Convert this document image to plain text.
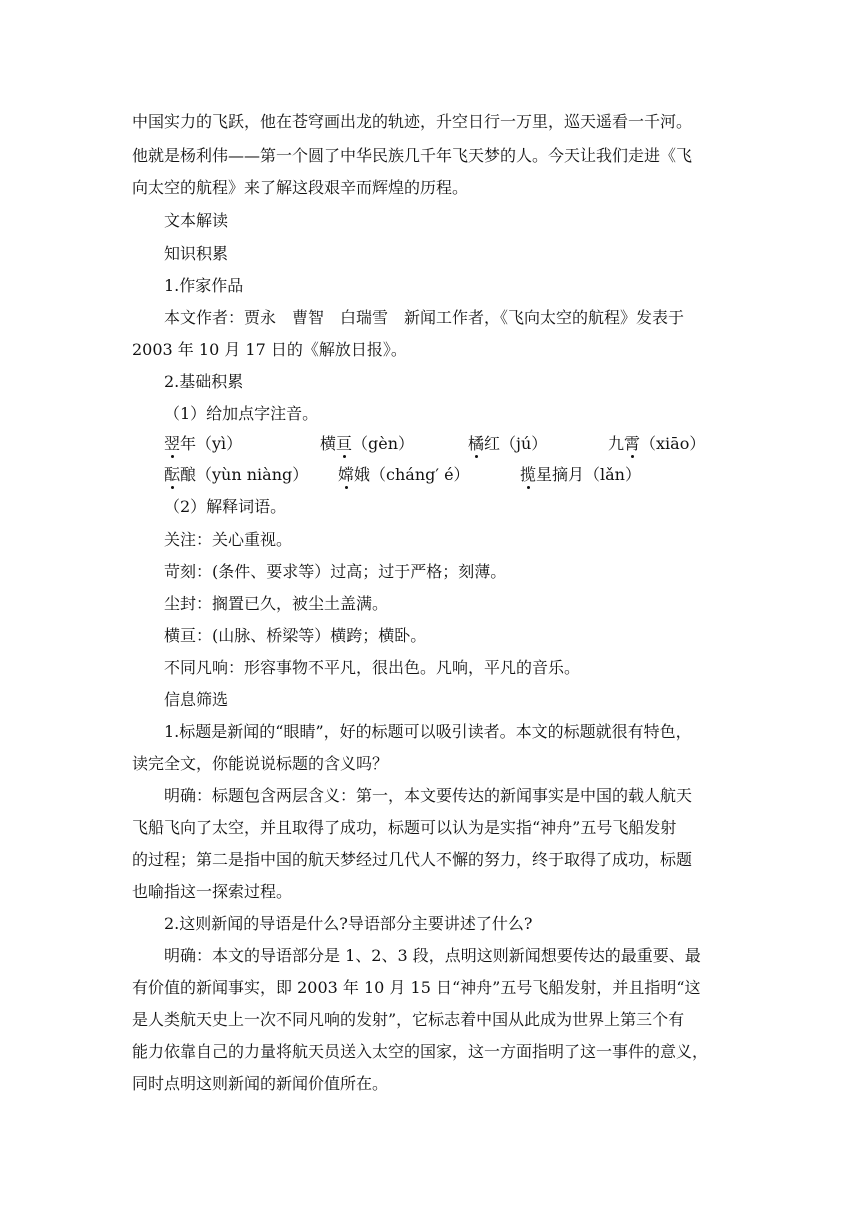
中国实力的飞跃，他在苍穹画出龙的轨迹，升空日行一万里，巡天遥看一千河。
他就是杨利伟——第一个圆了中华民族几千年飞天梦的人。今天让我们走进《飞
向太空的航程》来了解这段艰辛而辉煌的历程。
文本解读
知识积累
1.作家作品
本文作者：贾永　曹智　白瑞雪　新闻工作者，《飞向太空的航程》发表于
2003 年 10 月 17 日的《解放日报》。
2.基础积累
（1）给加点字注音。
翌年（yì）	横亘（gèn）	橘红（jú）	九霄（xiāo）
酝酿（yùn niàng） 嫦娥（cháng′ é）	揽星摘月（lǎn）
（2）解释词语。
关注：关心重视。
苛刻：(条件、要求等）过高；过于严格；刻薄。
尘封：搁置已久，被尘土盖满。
横亘：(山脉、桥梁等）横跨；横卧。
不同凡响：形容事物不平凡，很出色。凡响，平凡的音乐。
信息筛选
1.标题是新闻的“眼睛”，好的标题可以吸引读者。本文的标题就很有特色，
读完全文，你能说说标题的含义吗？
明确：标题包含两层含义：第一，本文要传达的新闻事实是中国的载人航天
飞船飞向了太空，并且取得了成功，标题可以认为是实指“神舟”五号飞船发射
的过程；第二是指中国的航天梦经过几代人不懈的努力，终于取得了成功，标题
也喻指这一探索过程。
2.这则新闻的导语是什么?导语部分主要讲述了什么?
明确：本文的导语部分是 1、2、3 段，点明这则新闻想要传达的最重要、最
有价值的新闻事实，即 2003 年 10 月 15 日“神舟”五号飞船发射，并且指明“这
是人类航天史上一次不同凡响的发射”，它标志着中国从此成为世界上第三个有
能力依靠自己的力量将航天员送入太空的国家，这一方面指明了这一事件的意义，
同时点明这则新闻的新闻价值所在。
